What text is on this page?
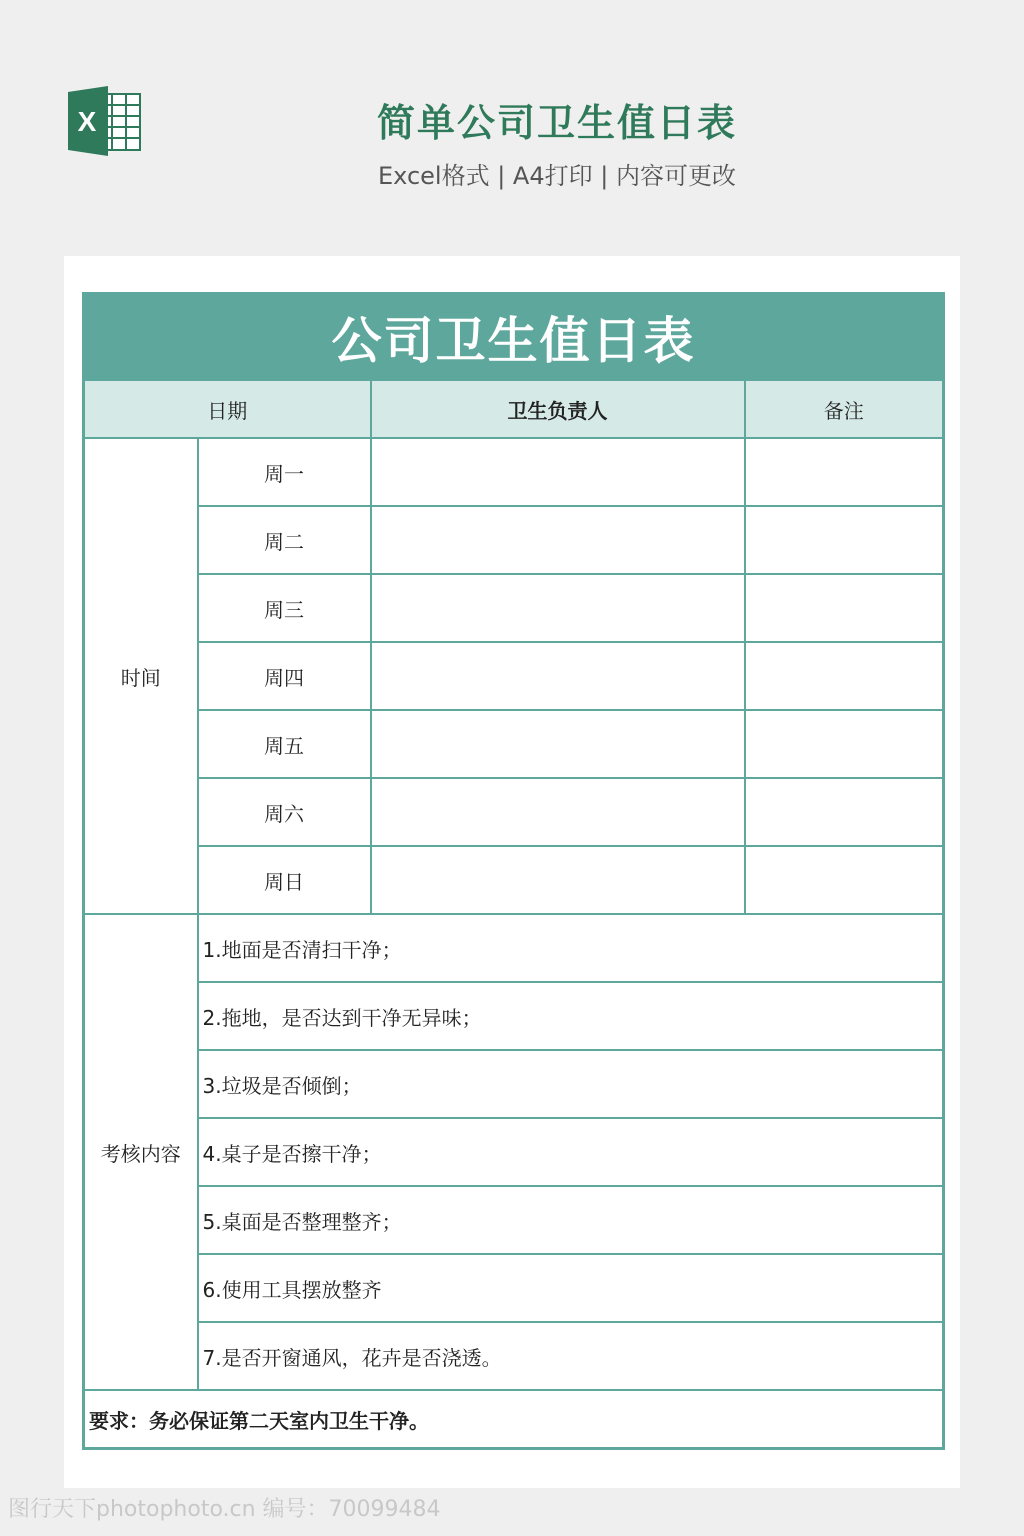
X	简单公司卫生值日表
Excel格式 | A4打印 | 内容可更改
公司卫生值日表			
日期		卫生负责人	备注
时间	周一		
	周二		
	周三		
	周四		
	周五		
	周六		
	周日		
考核内容	1.地面是否清扫干净；		
	2.拖地，是否达到干净无异味；		
	3.垃圾是否倾倒；		
	4.桌子是否擦干净；		
	5.桌面是否整理整齐；		
	6.使用工具摆放整齐		
	7.是否开窗通风，花卉是否浇透。		
要求：务必保证第二天室内卫生干净。			
图行天下photophoto.cn 编号：70099484
